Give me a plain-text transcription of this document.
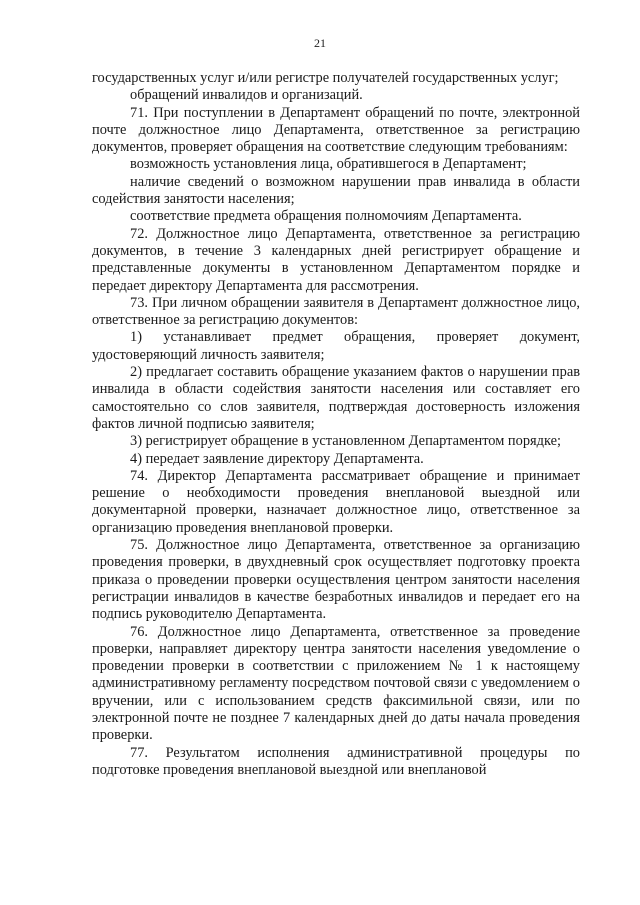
21

государственных услуг и/или регистре получателей государственных услуг;

обращений инвалидов и организаций.

71. При поступлении в Департамент обращений по почте, электронной почте должностное лицо Департамента, ответственное за регистрацию документов, проверяет обращения на соответствие следующим требованиям:

возможность установления лица, обратившегося в Департамент;

наличие сведений о возможном нарушении прав инвалида в области содействия занятости населения;

соответствие предмета обращения полномочиям Департамента.

72. Должностное лицо Департамента, ответственное за регистрацию документов, в течение 3 календарных дней регистрирует обращение и представленные документы в установленном Департаментом порядке и передает директору Департамента для рассмотрения.

73. При личном обращении заявителя в Департамент должностное лицо, ответственное за регистрацию документов:

1) устанавливает предмет обращения, проверяет документ, удостоверяющий личность заявителя;

2) предлагает составить обращение указанием фактов о нарушении прав инвалида в области содействия занятости населения или составляет его самостоятельно со слов заявителя, подтверждая достоверность изложения фактов личной подписью заявителя;

3) регистрирует обращение в установленном Департаментом порядке;

4) передает заявление директору Департамента.

74. Директор Департамента рассматривает обращение и принимает решение о необходимости проведения внеплановой выездной или документарной проверки, назначает должностное лицо, ответственное за организацию проведения внеплановой проверки.

75. Должностное лицо Департамента, ответственное за организацию проведения проверки, в двухдневный срок осуществляет подготовку проекта приказа о проведении проверки осуществления центром занятости населения регистрации инвалидов в качестве безработных инвалидов и передает его на подпись руководителю Департамента.

76. Должностное лицо Департамента, ответственное за проведение проверки, направляет директору центра занятости населения уведомление о проведении проверки в соответствии с приложением № 1 к настоящему административному регламенту посредством почтовой связи с уведомлением о вручении, или с использованием средств факсимильной связи, или по электронной почте не позднее 7 календарных дней до даты начала проведения проверки.

77. Результатом исполнения административной процедуры по подготовке проведения внеплановой выездной или внеплановой
